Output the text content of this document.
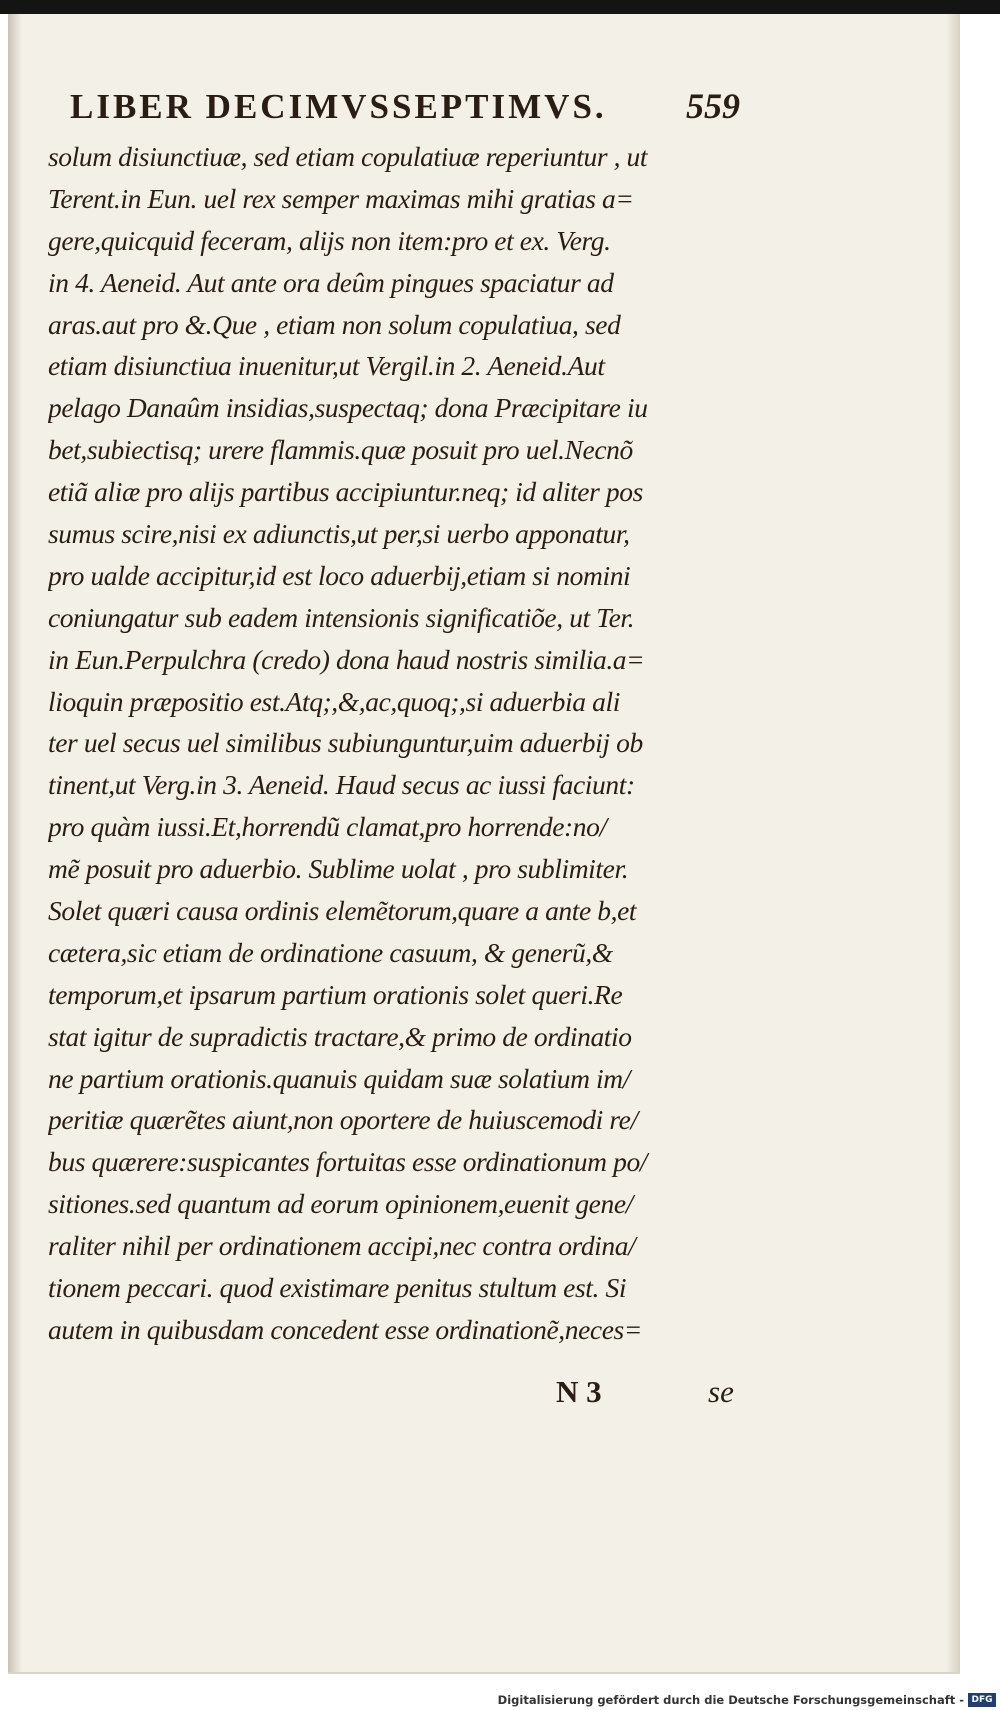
LIBER DECIMVSSEPTIMVS. 559
solum disiunctiuæ, sed etiam copulatiuæ reperiuntur , ut
Terent.in Eun. uel rex semper maximas mihi gratias a=
gere,quicquid feceram, alijs non item:pro et ex. Verg.
in 4. Aeneid. Aut ante ora deûm pingues spaciatur ad
aras.aut pro &.Que , etiam non solum copulatiua, sed
etiam disiunctiua inuenitur,ut Vergil.in 2. Aeneid.Aut
pelago Danaûm insidias,suspectaq; dona Præcipitare iu
bet,subiectisq; urere flammis.quæ posuit pro uel.Necnõ
etiã aliæ pro alijs partibus accipiuntur.neq; id aliter pos
sumus scire,nisi ex adiunctis,ut per,si uerbo apponatur,
pro ualde accipitur,id est loco aduerbij,etiam si nomini
coniungatur sub eadem intensionis significatiõe, ut Ter.
in Eun.Perpulchra (credo) dona haud nostris similia.a=
lioquin præpositio est.Atq;,&,ac,quoq;,si aduerbia ali
ter uel secus uel similibus subiunguntur,uim aduerbij ob
tinent,ut Verg.in 3. Aeneid. Haud secus ac iussi faciunt:
pro quàm iussi.Et,horrendũ clamat,pro horrende:no/
mẽ posuit pro aduerbio. Sublime uolat , pro sublimiter.
Solet quæri causa ordinis elemẽtorum,quare a ante b,et
cætera,sic etiam de ordinatione casuum, & generũ,&
temporum,et ipsarum partium orationis solet queri.Re
stat igitur de supradictis tractare,& primo de ordinatio
ne partium orationis.quanuis quidam suæ solatium im/
peritiæ quærẽtes aiunt,non oportere de huiuscemodi re/
bus quærere:suspicantes fortuitas esse ordinationum po/
sitiones.sed quantum ad eorum opinionem,euenit gene/
raliter nihil per ordinationem accipi,nec contra ordina/
tionem peccari. quod existimare penitus stultum est. Si
autem in quibusdam concedent esse ordinationẽ,neces=
N 3	se
Digitalisierung gefördert durch die Deutsche Forschungsgemeinschaft - DFG
